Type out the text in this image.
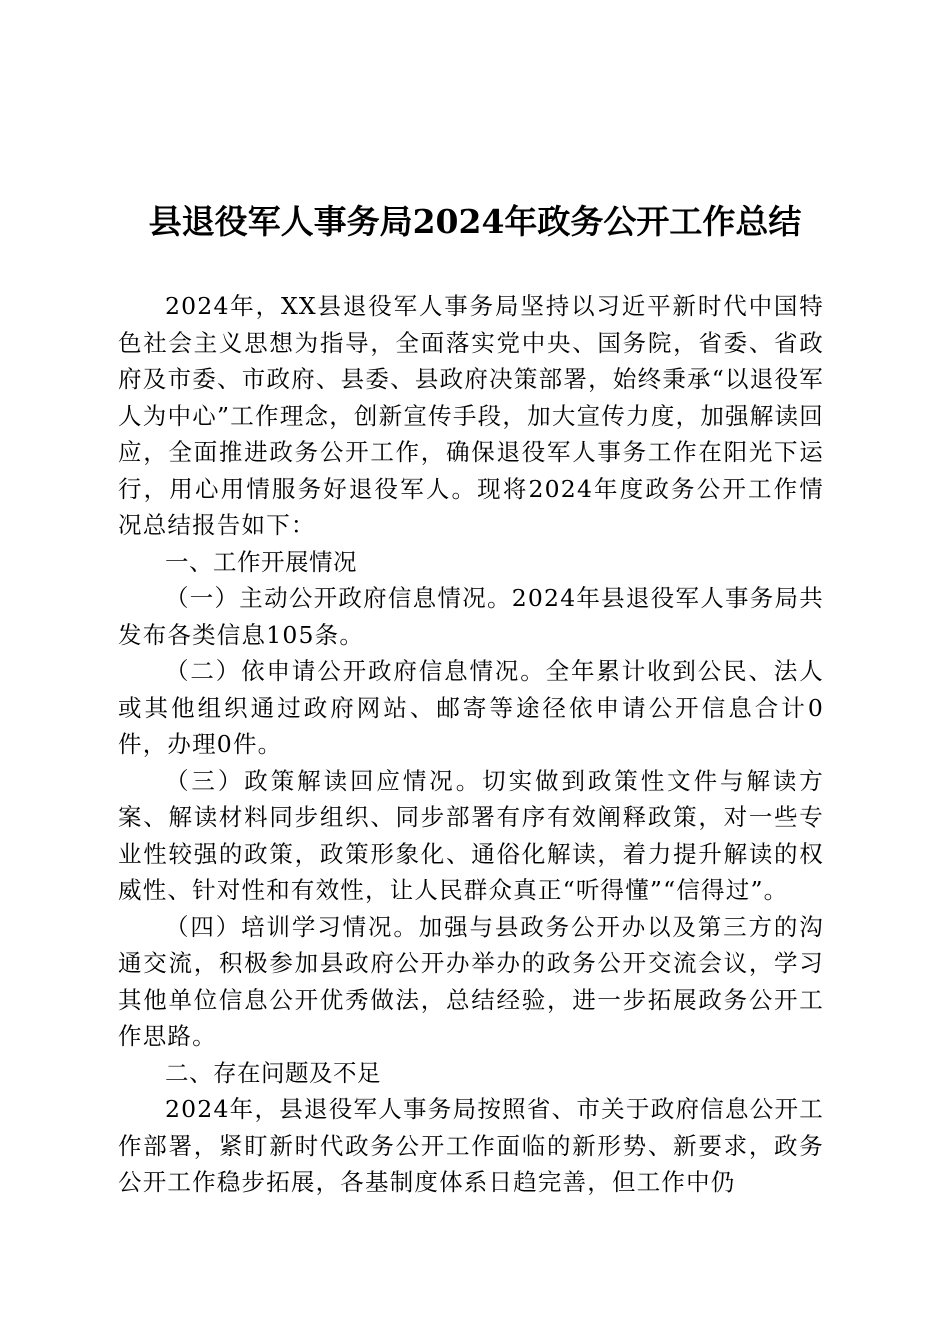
县退役军人事务局2024年政务公开工作总结

2024年，XX县退役军人事务局坚持以习近平新时代中国特色社会主义思想为指导，全面落实党中央、国务院，省委、省政府及市委、市政府、县委、县政府决策部署，始终秉承“以退役军人为中心”工作理念，创新宣传手段，加大宣传力度，加强解读回应，全面推进政务公开工作，确保退役军人事务工作在阳光下运行，用心用情服务好退役军人。现将2024年度政务公开工作情况总结报告如下：

一、工作开展情况

（一）主动公开政府信息情况。2024年县退役军人事务局共发布各类信息105条。

（二）依申请公开政府信息情况。全年累计收到公民、法人或其他组织通过政府网站、邮寄等途径依申请公开信息合计0件，办理0件。

（三）政策解读回应情况。切实做到政策性文件与解读方案、解读材料同步组织、同步部署有序有效阐释政策，对一些专业性较强的政策，政策形象化、通俗化解读，着力提升解读的权威性、针对性和有效性，让人民群众真正“听得懂”“信得过”。

（四）培训学习情况。加强与县政务公开办以及第三方的沟通交流，积极参加县政府公开办举办的政务公开交流会议，学习其他单位信息公开优秀做法，总结经验，进一步拓展政务公开工作思路。

二、存在问题及不足

2024年，县退役军人事务局按照省、市关于政府信息公开工作部署，紧盯新时代政务公开工作面临的新形势、新要求，政务公开工作稳步拓展，各基制度体系日趋完善，但工作中仍
